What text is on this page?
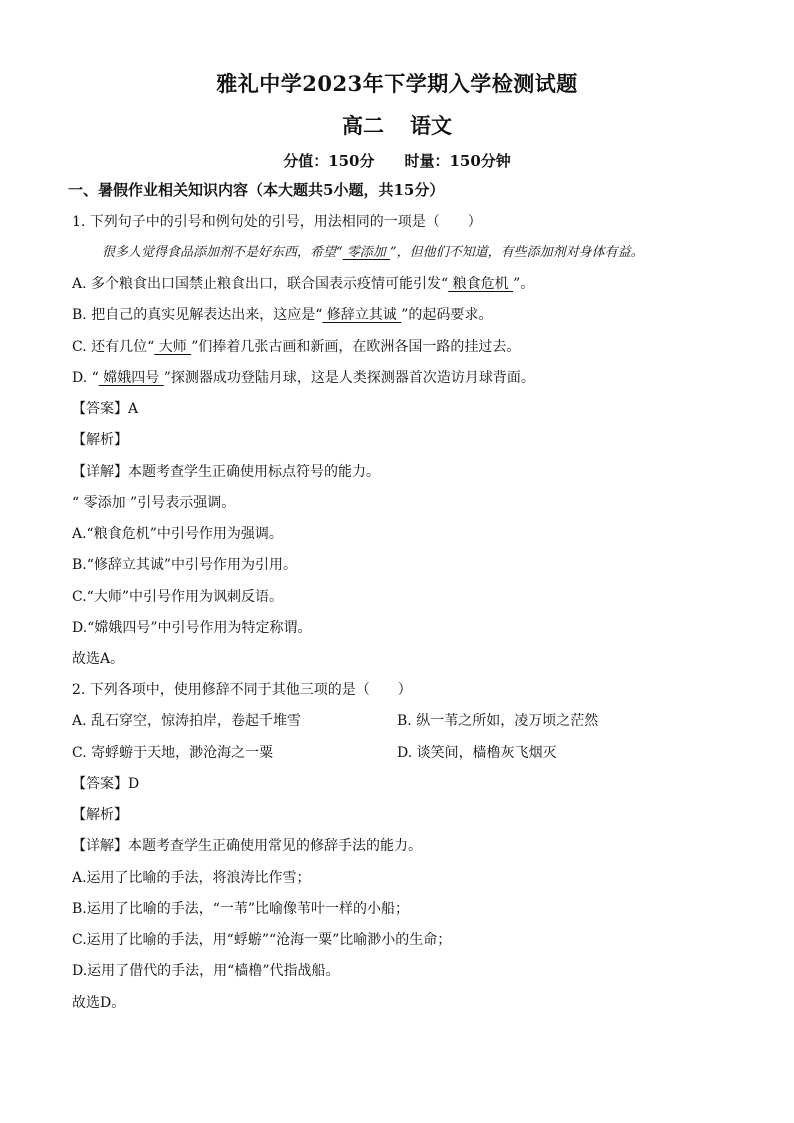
雅礼中学2023年下学期入学检测试题
高二 语文
分值：150分 时量：150分钟
一、暑假作业相关知识内容（本大题共5小题，共15分）
1. 下列句子中的引号和例句处的引号，用法相同的一项是（　　）
很多人觉得食品添加剂不是好东西，希望“ 零添加 ”，但他们不知道，有些添加剂对身体有益。
A. 多个粮食出口国禁止粮食出口，联合国表示疫情可能引发“ 粮食危机 ”。
B. 把自己的真实见解表达出来，这应是“ 修辞立其诚 ”的起码要求。
C. 还有几位“ 大师 ”们捧着几张古画和新画，在欧洲各国一路的挂过去。
D. “ 嫦娥四号 ”探测器成功登陆月球，这是人类探测器首次造访月球背面。
【答案】A
【解析】
【详解】本题考查学生正确使用标点符号的能力。
“ 零添加 ”引号表示强调。
A.“粮食危机”中引号作用为强调。
B.“修辞立其诚”中引号作用为引用。
C.“大师”中引号作用为讽刺反语。
D.“嫦娥四号”中引号作用为特定称谓。
故选A。
2. 下列各项中，使用修辞不同于其他三项的是（　　）
A. 乱石穿空，惊涛拍岸，卷起千堆雪	B. 纵一苇之所如，凌万顷之茫然
C. 寄蜉蝣于天地，渺沧海之一粟	D. 谈笑间，樯橹灰飞烟灭
【答案】D
【解析】
【详解】本题考查学生正确使用常见的修辞手法的能力。
A.运用了比喻的手法，将浪涛比作雪；
B.运用了比喻的手法，“一苇”比喻像苇叶一样的小船；
C.运用了比喻的手法，用“蜉蝣”“沧海一粟”比喻渺小的生命；
D.运用了借代的手法，用“樯橹”代指战船。
故选D。
